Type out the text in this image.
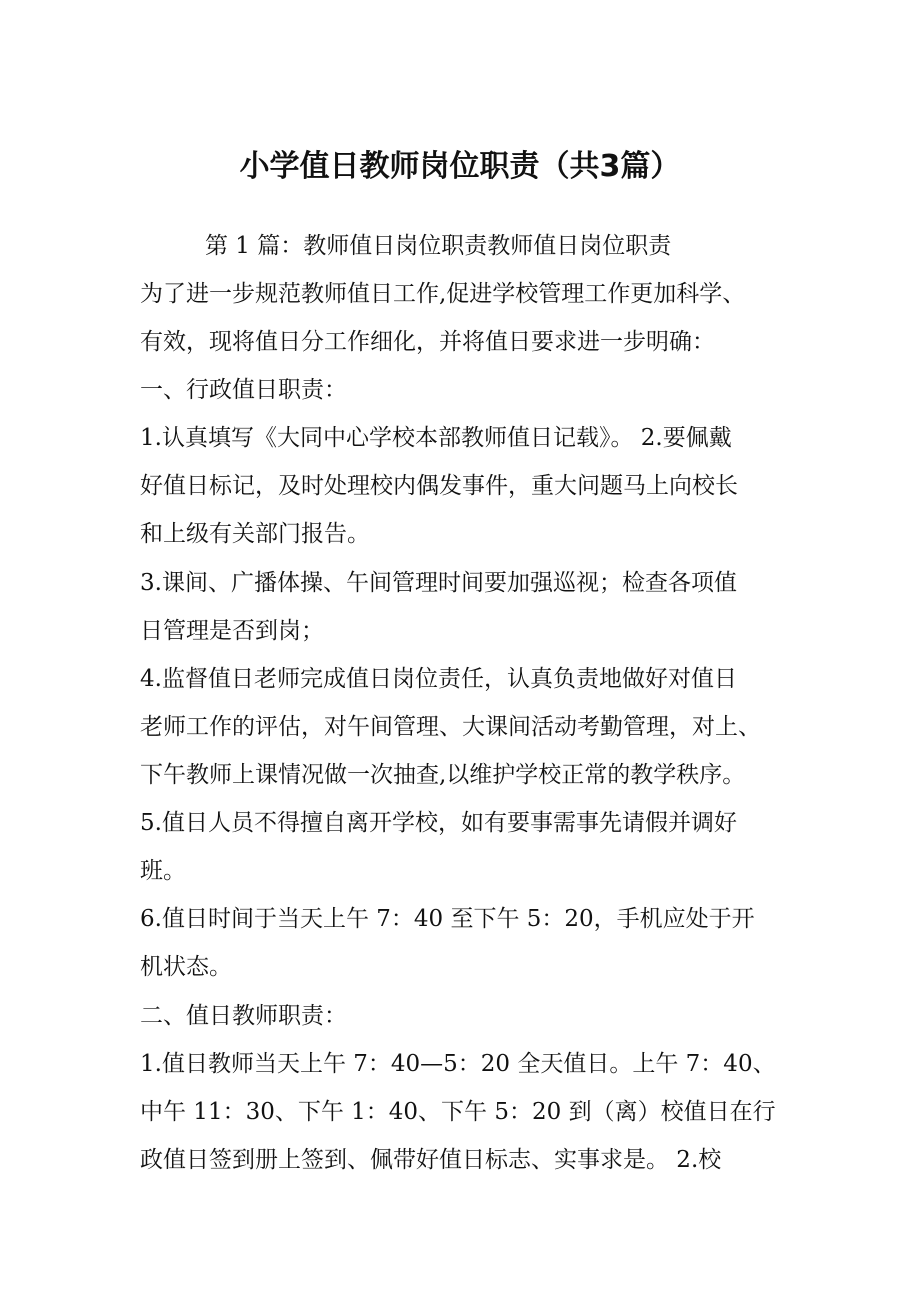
小学值日教师岗位职责（共3篇）
第 1 篇：教师值日岗位职责教师值日岗位职责
为了进一步规范教师值日工作,促进学校管理工作更加科学、
有效，现将值日分工作细化，并将值日要求进一步明确：
一、行政值日职责：
1.认真填写《大同中心学校本部教师值日记载》。 2.要佩戴
好值日标记，及时处理校内偶发事件，重大问题马上向校长
和上级有关部门报告。
3.课间、广播体操、午间管理时间要加强巡视；检查各项值
日管理是否到岗；
4.监督值日老师完成值日岗位责任，认真负责地做好对值日
老师工作的评估，对午间管理、大课间活动考勤管理，对上、
下午教师上课情况做一次抽查,以维护学校正常的教学秩序。
5.值日人员不得擅自离开学校，如有要事需事先请假并调好
班。
6.值日时间于当天上午 7：40 至下午 5：20，手机应处于开
机状态。
二、值日教师职责：
1.值日教师当天上午 7：40—5：20 全天值日。上午 7：40、
中午 11：30、下午 1：40、下午 5：20 到（离）校值日在行
政值日签到册上签到、佩带好值日标志、实事求是。 2.校
